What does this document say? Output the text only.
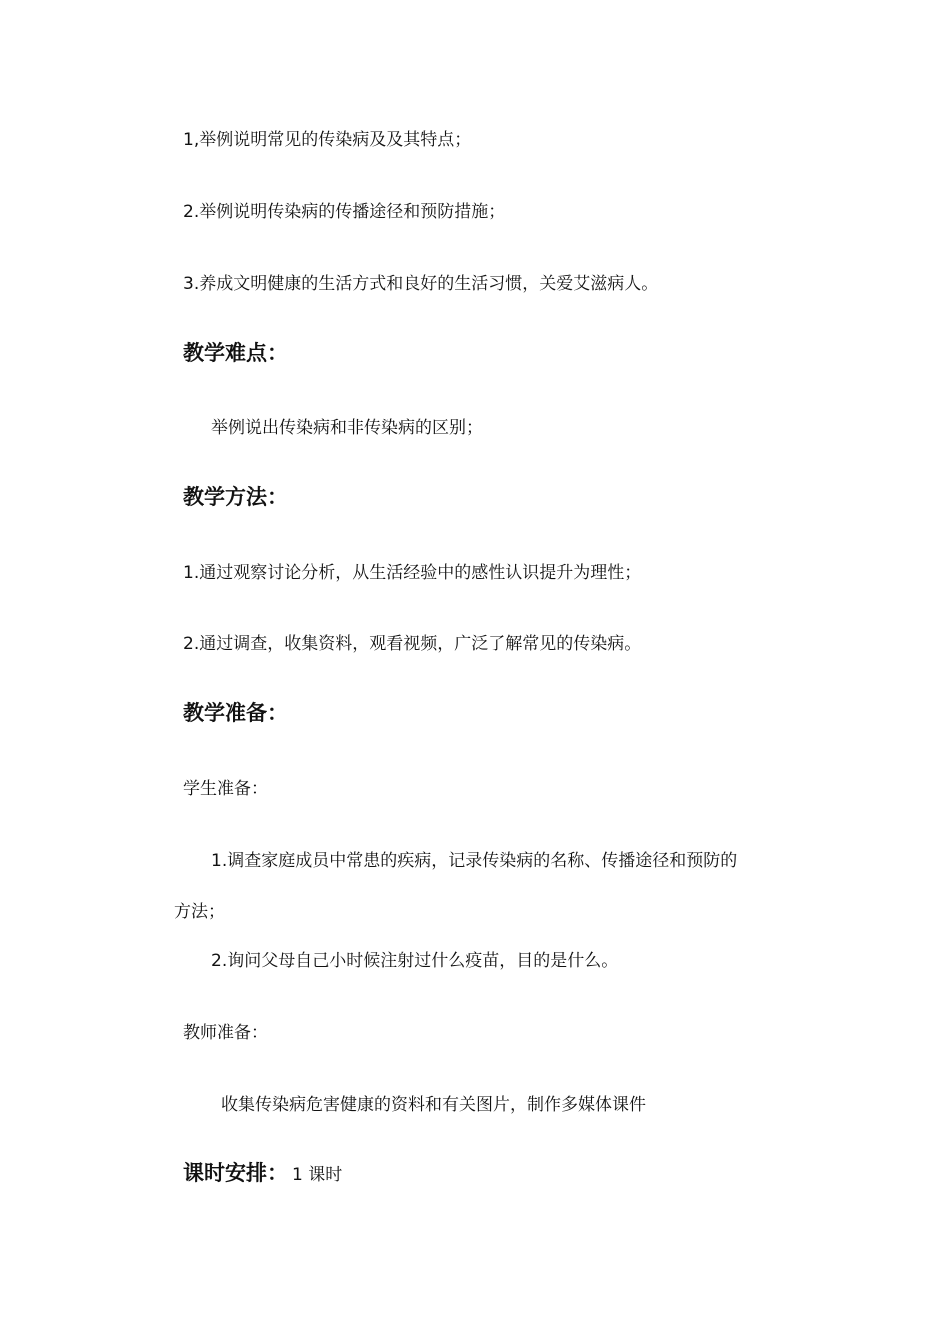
1,举例说明常见的传染病及及其特点；
2.举例说明传染病的传播途径和预防措施；
3.养成文明健康的生活方式和良好的生活习惯，关爱艾滋病人。
教学难点：
举例说出传染病和非传染病的区别；
教学方法：
1.通过观察讨论分析，从生活经验中的感性认识提升为理性；
2.通过调查，收集资料，观看视频，广泛了解常见的传染病。
教学准备：
学生准备：
1.调查家庭成员中常患的疾病，记录传染病的名称、传播途径和预防的
方法；
2.询问父母自己小时候注射过什么疫苗，目的是什么。
教师准备：
收集传染病危害健康的资料和有关图片，制作多媒体课件
课时安排： 1 课时
